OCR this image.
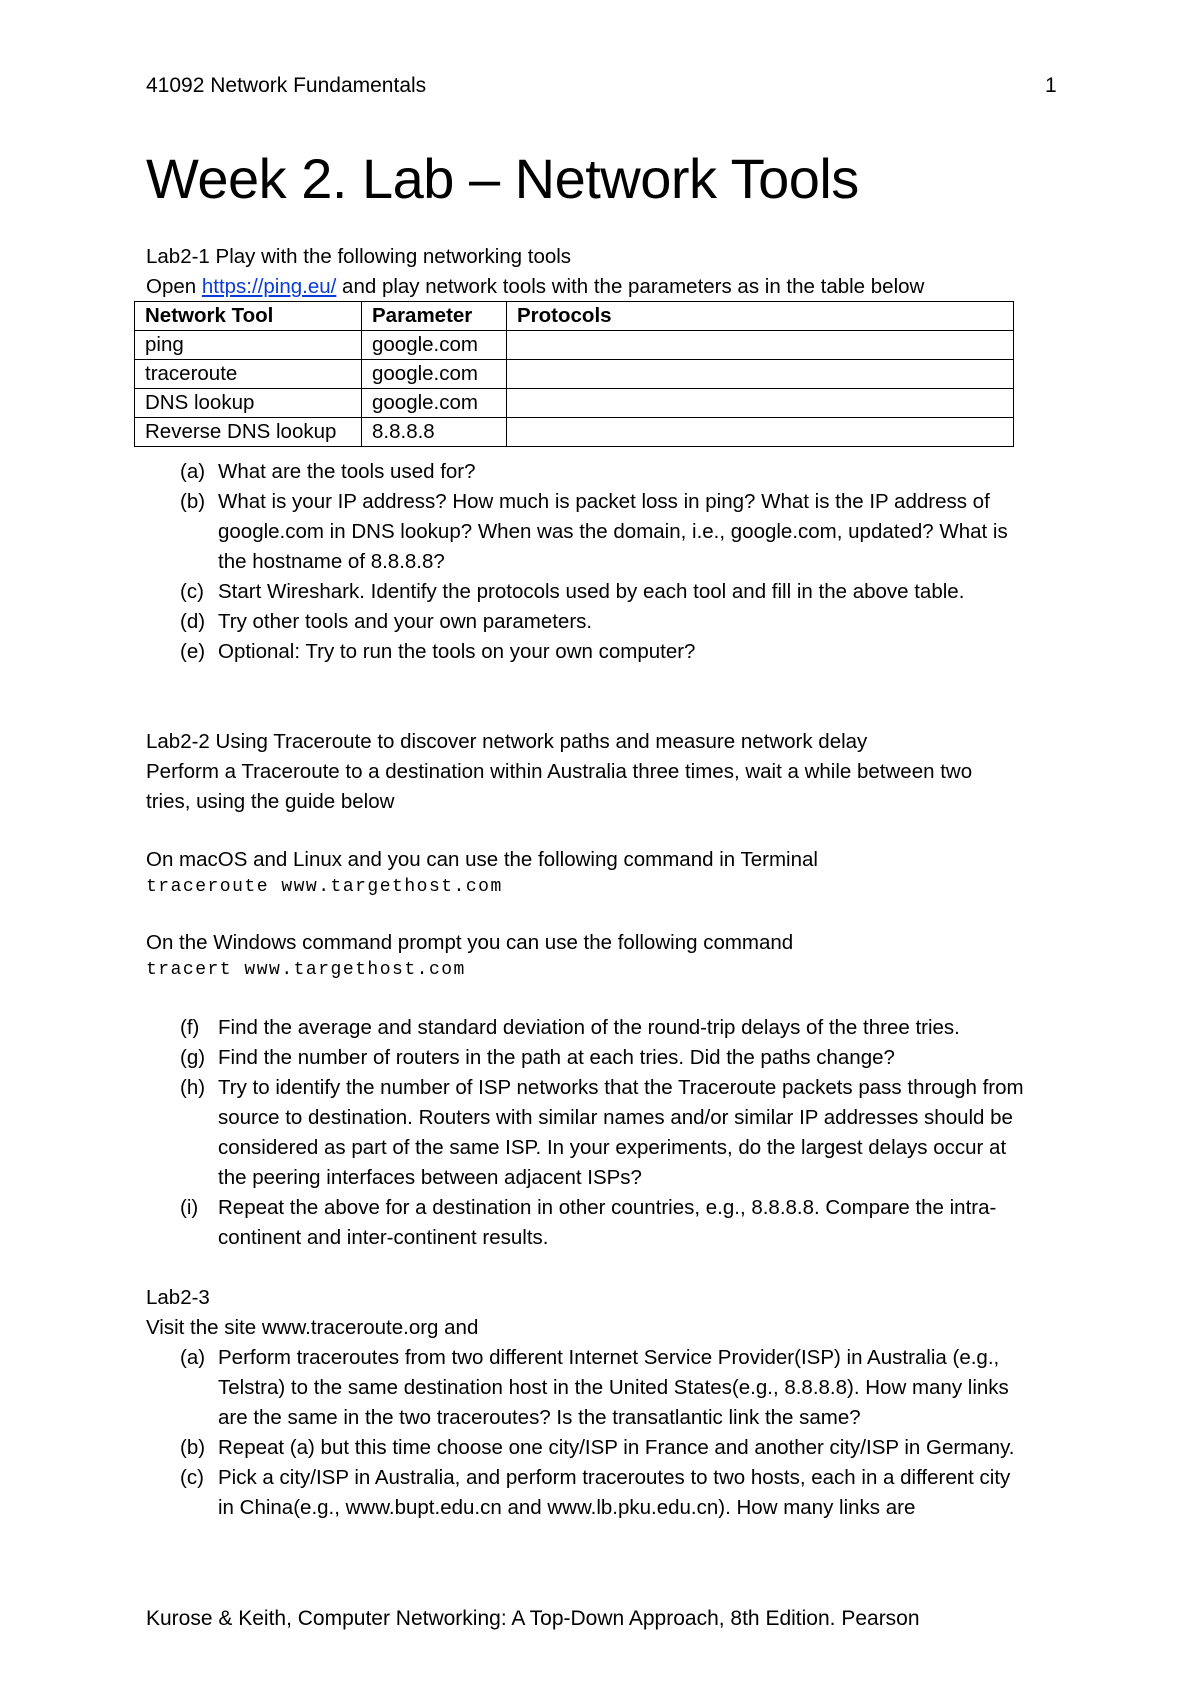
41092 Network Fundamentals	1
Week 2. Lab – Network Tools
Lab2-1 Play with the following networking tools
Open https://ping.eu/ and play network tools with the parameters as in the table below
Network Tool	Parameter	Protocols
ping	google.com	
traceroute	google.com	
DNS lookup	google.com	
Reverse DNS lookup	8.8.8.8	
(a) What are the tools used for?
(b) What is your IP address? How much is packet loss in ping? What is the IP address of google.com in DNS lookup? When was the domain, i.e., google.com, updated? What is the hostname of 8.8.8.8?
(c) Start Wireshark. Identify the protocols used by each tool and fill in the above table.
(d) Try other tools and your own parameters.
(e) Optional: Try to run the tools on your own computer?
Lab2-2 Using Traceroute to discover network paths and measure network delay
Perform a Traceroute to a destination within Australia three times, wait a while between two
tries, using the guide below
On macOS and Linux and you can use the following command in Terminal
traceroute www.targethost.com
On the Windows command prompt you can use the following command
tracert www.targethost.com
(f) Find the average and standard deviation of the round-trip delays of the three tries.
(g) Find the number of routers in the path at each tries. Did the paths change?
(h) Try to identify the number of ISP networks that the Traceroute packets pass through from source to destination. Routers with similar names and/or similar IP addresses should be considered as part of the same ISP. In your experiments, do the largest delays occur at the peering interfaces between adjacent ISPs?
(i) Repeat the above for a destination in other countries, e.g., 8.8.8.8. Compare the intra-continent and inter-continent results.
Lab2-3
Visit the site www.traceroute.org and
(a) Perform traceroutes from two different Internet Service Provider(ISP) in Australia (e.g., Telstra) to the same destination host in the United States(e.g., 8.8.8.8). How many links are the same in the two traceroutes? Is the transatlantic link the same?
(b) Repeat (a) but this time choose one city/ISP in France and another city/ISP in Germany.
(c) Pick a city/ISP in Australia, and perform traceroutes to two hosts, each in a different city in China(e.g., www.bupt.edu.cn and www.lb.pku.edu.cn). How many links are
Kurose & Keith, Computer Networking: A Top-Down Approach, 8th Edition. Pearson
